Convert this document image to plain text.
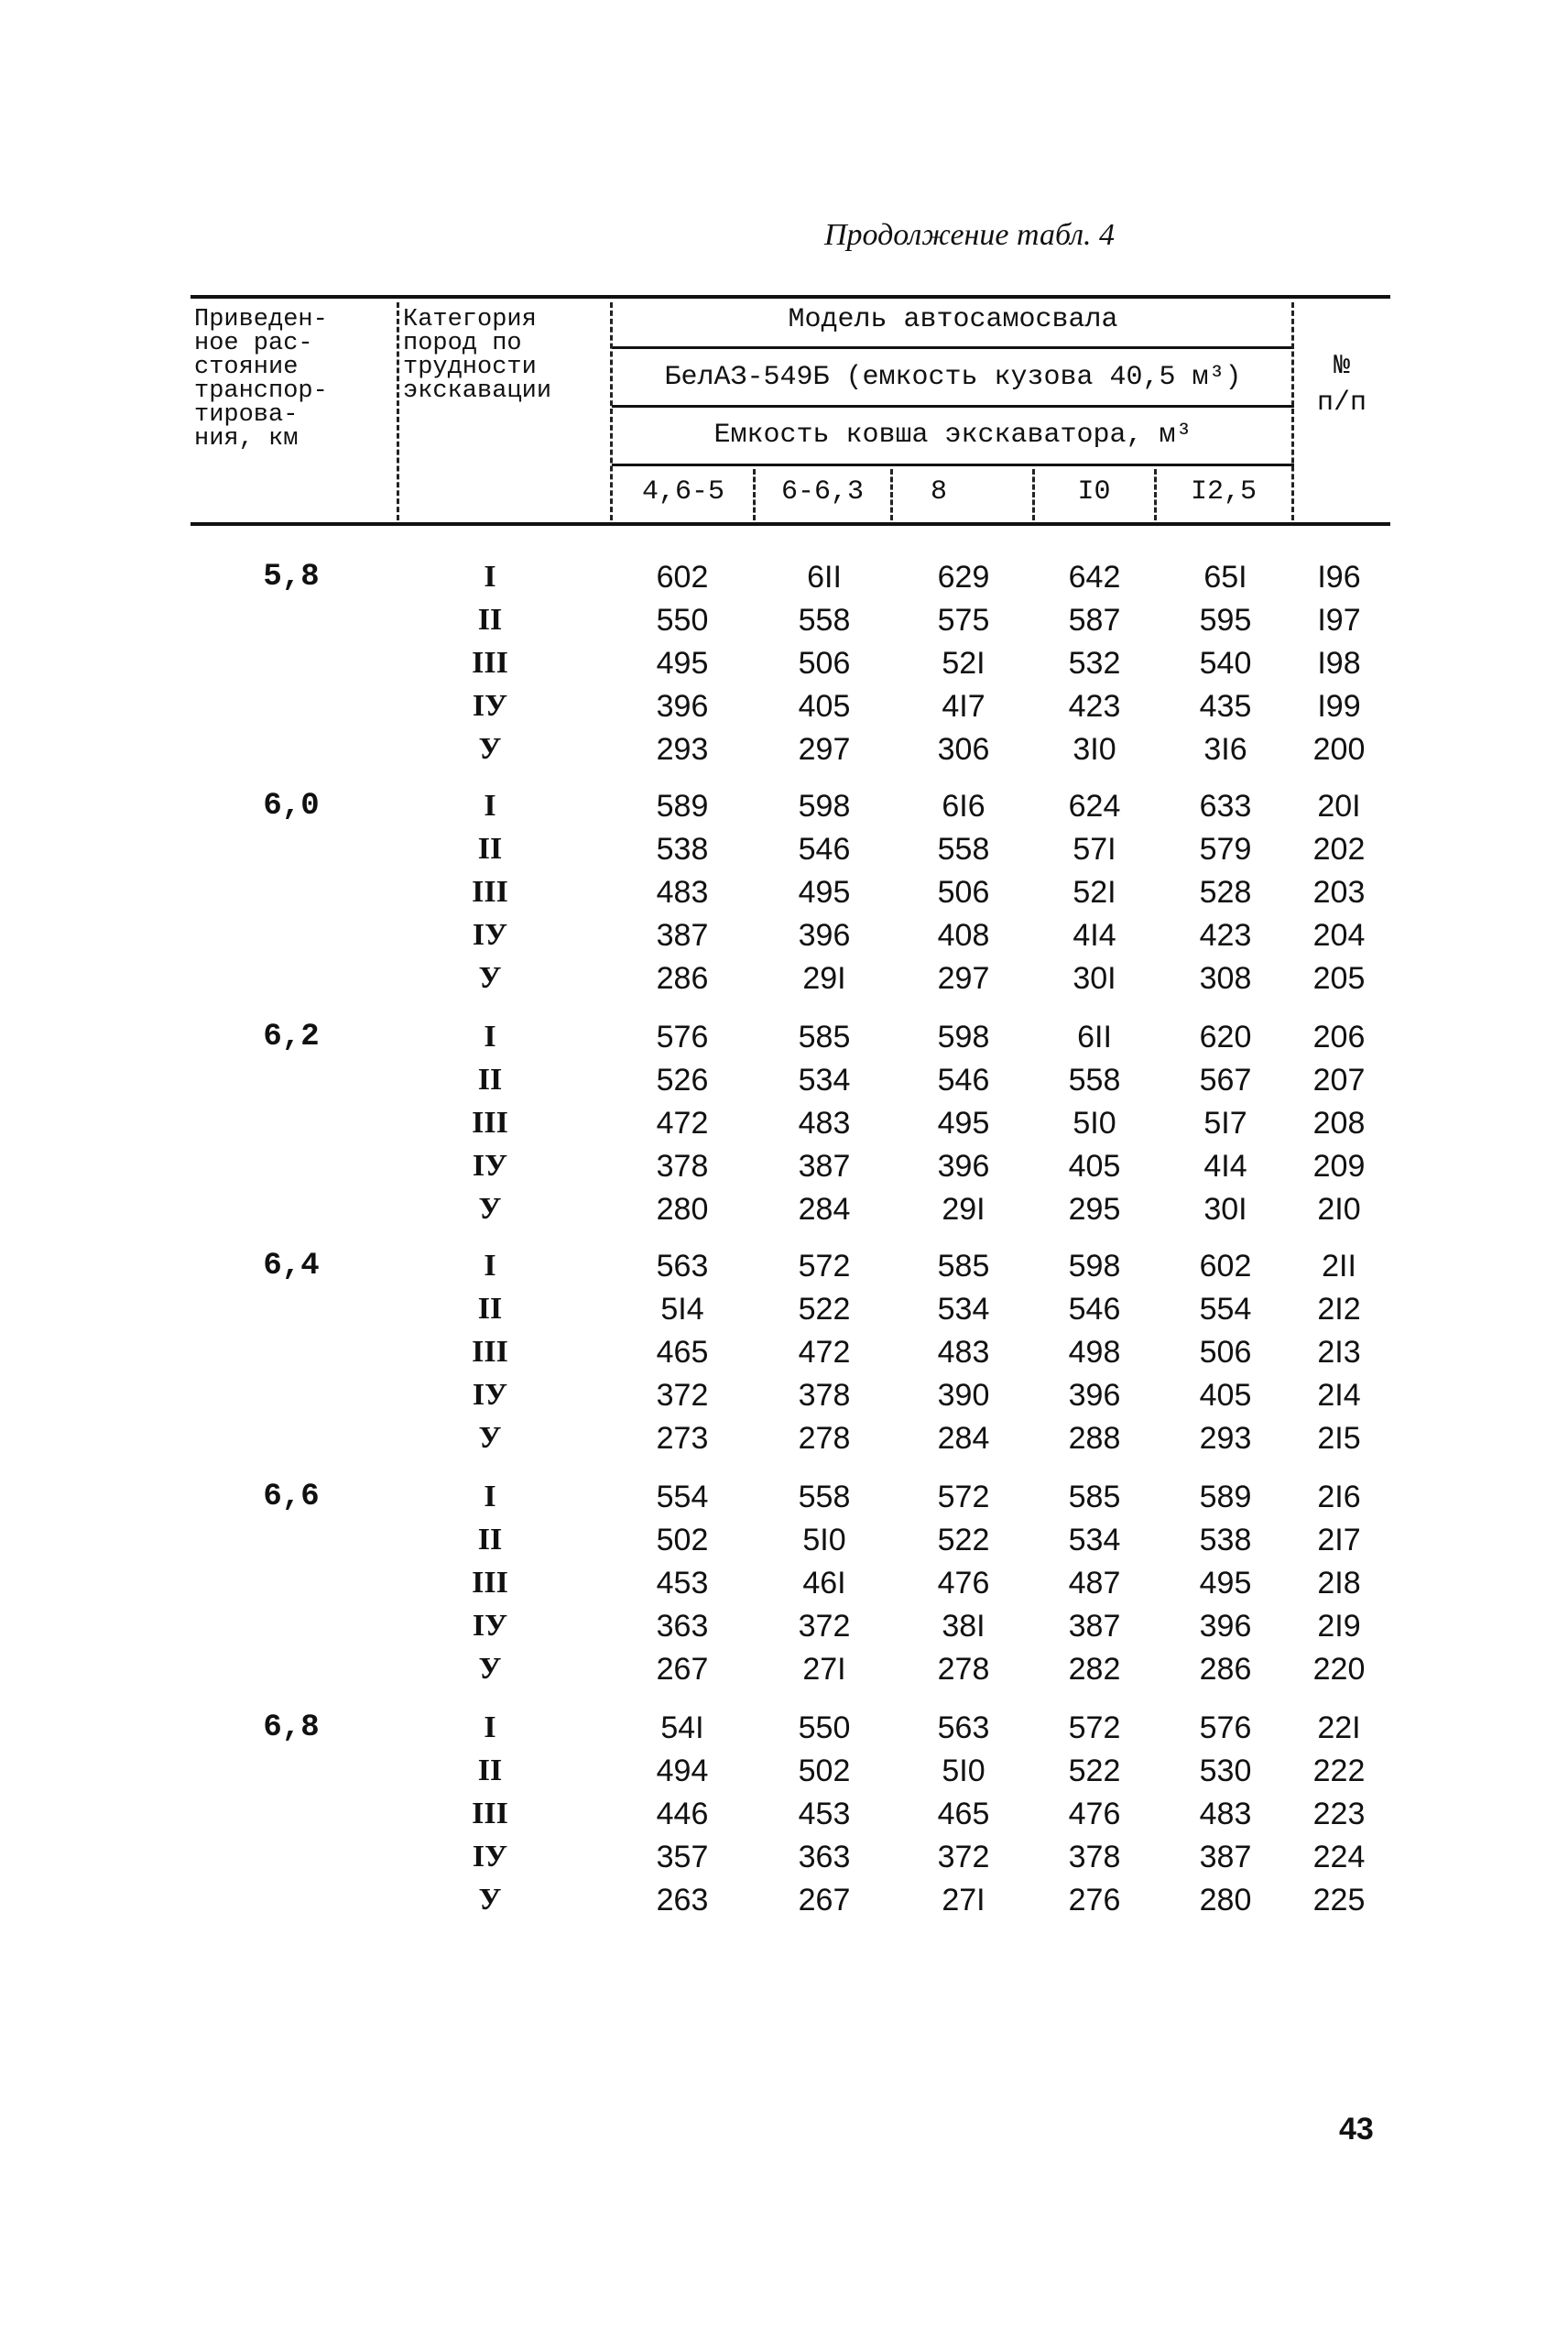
Продолжение табл. 4
Приведен-
ное рас-
стояние
транспор-
тирова-
ния, км
Категория
пород по
трудности
экскавации
Модель автосамосвала
БелАЗ-549Б (емкость кузова 40,5 м³)
Емкость ковша экскаватора, м³
№
п/п
4,6-5	6-6,3	8	I0	I2,5
5,8	I	602	6II	629	642	65I	I96
II	550	558	575	587	595	I97
III	495	506	52I	532	540	I98
IУ	396	405	4I7	423	435	I99
У	293	297	306	3I0	3I6	200
6,0	I	589	598	6I6	624	633	20I
II	538	546	558	57I	579	202
III	483	495	506	52I	528	203
IУ	387	396	408	4I4	423	204
У	286	29I	297	30I	308	205
6,2	I	576	585	598	6II	620	206
II	526	534	546	558	567	207
III	472	483	495	5I0	5I7	208
IУ	378	387	396	405	4I4	209
У	280	284	29I	295	30I	2I0
6,4	I	563	572	585	598	602	2II
II	5I4	522	534	546	554	2I2
III	465	472	483	498	506	2I3
IУ	372	378	390	396	405	2I4
У	273	278	284	288	293	2I5
6,6	I	554	558	572	585	589	2I6
II	502	5I0	522	534	538	2I7
III	453	46I	476	487	495	2I8
IУ	363	372	38I	387	396	2I9
У	267	27I	278	282	286	220
6,8	I	54I	550	563	572	576	22I
II	494	502	5I0	522	530	222
III	446	453	465	476	483	223
IУ	357	363	372	378	387	224
У	263	267	27I	276	280	225
43
